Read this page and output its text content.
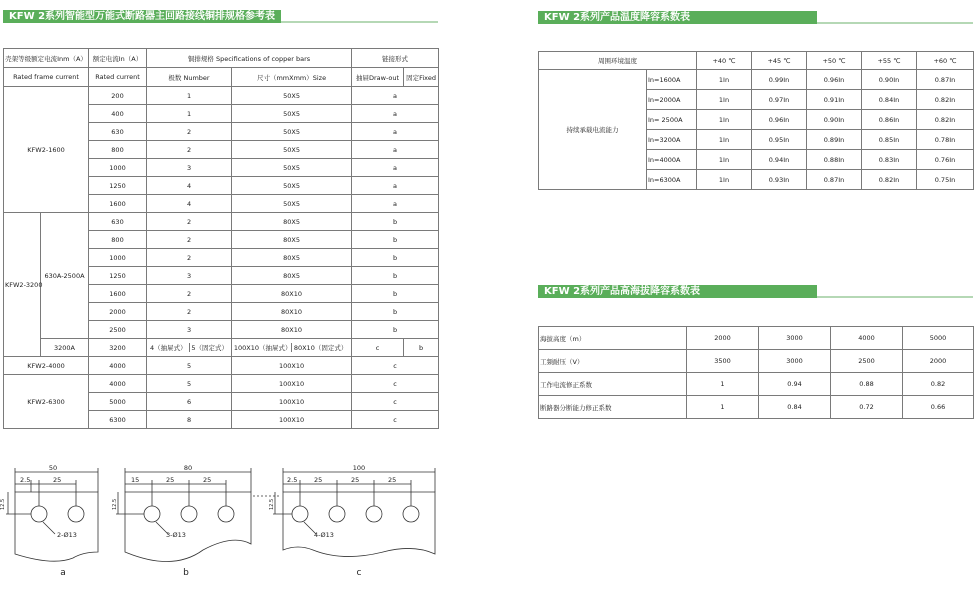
KFW 2系列智能型万能式断路器主回路接线铜排规格参考表
壳架等级额定电流Inm（A）		额定电流In（A）	铜排规格 Specifications of copper bars		链接形式	
Rated frame current		Rated current	极数 Number	尺寸（mmXmm）Size	抽屉Draw-out	固定Fixed
KFW2-1600		200	1	50X5	a	
		400	1	50X5	a	
		630	2	50X5	a	
		800	2	50X5	a	
		1000	3	50X5	a	
		1250	4	50X5	a	
		1600	4	50X5	a	
KFW2-3200	630A-2500A	630	2	80X5	b	
		800	2	80X5	b	
		1000	2	80X5	b	
		1250	3	80X5	b	
		1600	2	80X10	b	
		2000	2	80X10	b	
		2500	3	80X10	b	
	3200A	3200	4（抽屉式） 5（固定式）	100X10（抽屉式） 80X10（固定式）	c	b
KFW2-4000		4000	5	100X10	c	
KFW2-6300		4000	5	100X10	c	
		5000	6	100X10	c	
		6300	8	100X10	c	
50
2.5	25
2-Ø13
12.5
80
15	25	25
3-Ø13
12.5
100
2.5	25	25	25
4-Ø13
12.5
a	b	c
KFW 2系列产品温度降容系数表
周围环境温度		+40 ℃	+45 ℃	+50 ℃	+55 ℃	+60 ℃
持续承载电流能力	In=1600A	1In	0.99In	0.96In	0.90In	0.87In
	In=2000A	1In	0.97In	0.91In	0.84In	0.82In
	In= 2500A	1In	0.96In	0.90In	0.86In	0.82In
	In=3200A	1In	0.95In	0.89In	0.85In	0.78In
	In=4000A	1In	0.94In	0.88In	0.83In	0.76In
	In=6300A	1In	0.93In	0.87In	0.82In	0.75In
KFW 2系列产品高海拔降容系数表
海拔高度（m）	2000	3000	4000	5000
工频耐压（V）	3500	3000	2500	2000
工作电流修正系数	1	0.94	0.88	0.82
断路器分断能力修正系数	1	0.84	0.72	0.66
